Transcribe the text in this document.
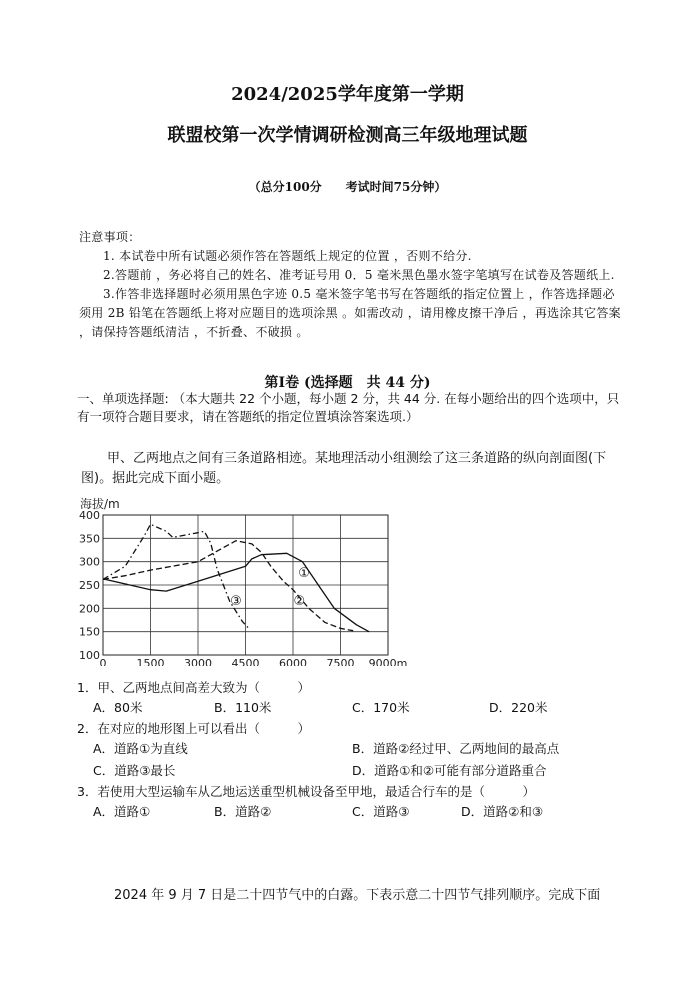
2024/2025学年度第一学期
联盟校第一次学情调研检测高三年级地理试题
（总分100分　　考试时间75分钟）
注意事项：
1. 本试卷中所有试题必须作答在答题纸上规定的位置 ，否则不给分.
2.答题前 ，务必将自己的姓名、准考证号用 0．5 毫米黑色墨水签字笔填写在试卷及答题纸上.
3.作答非选择题时必须用黑色字迹 0.5 毫米签字笔书写在答题纸的指定位置上 ，作答选择题必须用 2B 铅笔在答题纸上将对应题目的选项涂黑 。如需改动 ，请用橡皮擦干净后 ，再选涂其它答案 ，请保持答题纸清洁 ，不折叠、不破损 。
第Ⅰ卷 (选择题　共 44 分)
一、单项选择题: （本大题共 22 个小题，每小题 2 分，共 44 分. 在每小题给出的四个选项中，只有一项符合题目要求，请在答题纸的指定位置填涂答案选项.）
甲、乙两地点之间有三条道路相迹。某地理活动小组测绘了这三条道路的纵向剖面图(下图)。据此完成下面小题。
0	1500 3000 4500 6000 7500 9000m
100
150
200
250
300
350
400
①
②
③
海拔/m
1．甲、乙两地点间高差大致为（　　　）
A．80米	B．110米	C．170米	D．220米
2．在对应的地形图上可以看出（　　　）
A．道路①为直线	B．道路②经过甲、乙两地间的最高点
C．道路③最长	D．道路①和②可能有部分道路重合
3．若使用大型运输车从乙地运送重型机械设备至甲地，最适合行车的是（　　　）
A．道路①	B．道路②	C．道路③	D．道路②和③
2024 年 9 月 7 日是二十四节气中的白露。下表示意二十四节气排列顺序。完成下面
